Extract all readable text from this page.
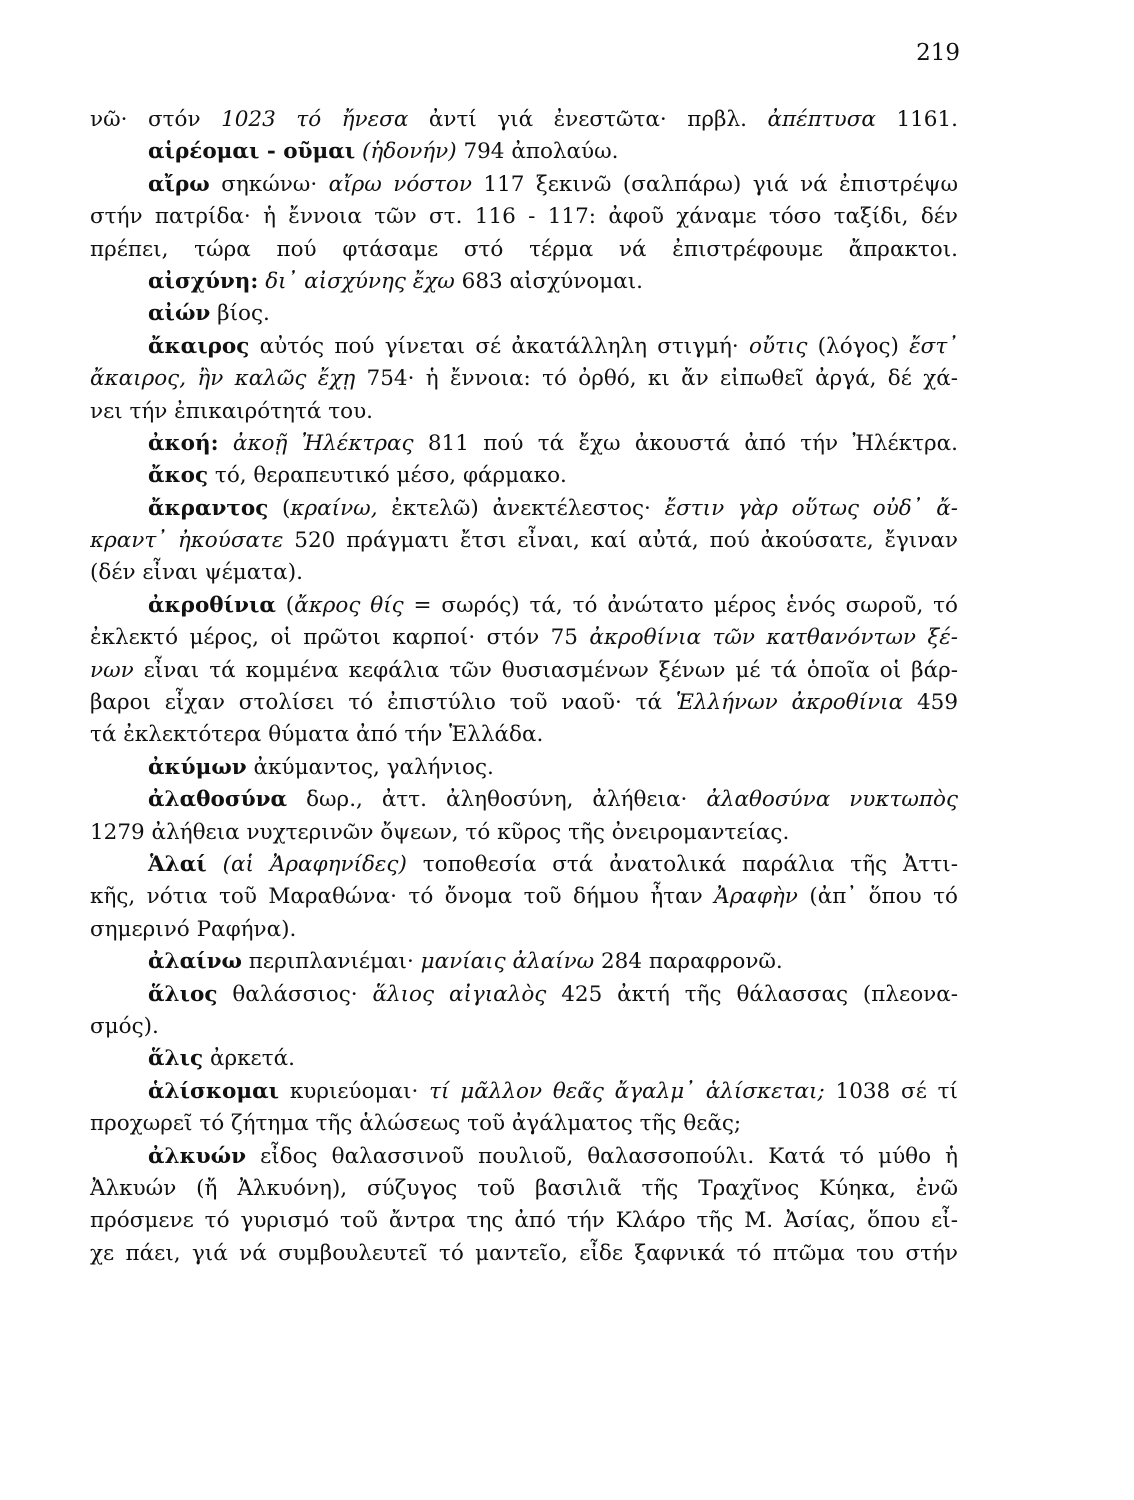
219
νῶ· στόν 1023 τό ἤνεσα ἀντί γιά ἐνεστῶτα· πρβλ. ἀπέπτυσα 1161.
αἱρέομαι - οῦμαι (ἡδονήν) 794 ἀπολαύω.
αἴρω σηκώνω· αἴρω νόστον 117 ξεκινῶ (σαλπάρω) γιά νά ἐπιστρέψω
στήν πατρίδα· ἡ ἔννοια τῶν στ. 116 - 117: ἀφοῦ χάναμε τόσο ταξίδι, δέν
πρέπει, τώρα πού φτάσαμε στό τέρμα νά ἐπιστρέφουμε ἄπρακτοι.
αἰσχύνη: δι᾽ αἰσχύνης ἔχω 683 αἰσχύνομαι.
αἰών βίος.
ἄκαιρος αὐτός πού γίνεται σέ ἀκατάλληλη στιγμή· οὔτις (λόγος) ἔστ᾽
ἄκαιρος, ἢν καλῶς ἔχῃ 754· ἡ ἔννοια: τό ὀρθό, κι ἄν εἰπωθεῖ ἀργά, δέ χά-
νει τήν ἐπικαιρότητά του.
ἀκοή: ἀκοῇ Ἠλέκτρας 811 πού τά ἔχω ἀκουστά ἀπό τήν Ἠλέκτρα.
ἄκος τό, θεραπευτικό μέσο, φάρμακο.
ἄκραντος (κραίνω, ἐκτελῶ) ἀνεκτέλεστος· ἔστιν γὰρ οὕτως οὐδ᾽ ἄ-
κραντ᾽ ἠκούσατε 520 πράγματι ἔτσι εἶναι, καί αὐτά, πού ἀκούσατε, ἔγιναν
(δέν εἶναι ψέματα).
ἀκροθίνια (ἄκρος θίς = σωρός) τά, τό ἀνώτατο μέρος ἑνός σωροῦ, τό
ἐκλεκτό μέρος, οἱ πρῶτοι καρποί· στόν 75 ἀκροθίνια τῶν κατθανόντων ξέ-
νων εἶναι τά κομμένα κεφάλια τῶν θυσιασμένων ξένων μέ τά ὁποῖα οἱ βάρ-
βαροι εἶχαν στολίσει τό ἐπιστύλιο τοῦ ναοῦ· τά Ἑλλήνων ἀκροθίνια 459
τά ἐκλεκτότερα θύματα ἀπό τήν Ἑλλάδα.
ἀκύμων ἀκύμαντος, γαλήνιος.
ἀλαθοσύνα δωρ., ἀττ. ἀληθοσύνη, ἀλήθεια· ἀλαθοσύνα νυκτωπὸς
1279 ἀλήθεια νυχτερινῶν ὄψεων, τό κῦρος τῆς ὀνειρομαντείας.
Ἁλαί (αἱ Ἀραφηνίδες) τοποθεσία στά ἀνατολικά παράλια τῆς Ἀττι-
κῆς, νότια τοῦ Μαραθώνα· τό ὄνομα τοῦ δήμου ἦταν Ἀραφὴν (ἀπ᾽ ὅπου τό
σημερινό Ραφήνα).
ἀλαίνω περιπλανιέμαι· μανίαις ἀλαίνω 284 παραφρονῶ.
ἅλιος θαλάσσιος· ἅλιος αἰγιαλὸς 425 ἀκτή τῆς θάλασσας (πλεονα-
σμός).
ἅλις ἀρκετά.
ἁλίσκομαι κυριεύομαι· τί μᾶλλον θεᾶς ἄγαλμ᾽ ἁλίσκεται; 1038 σέ τί
προχωρεῖ τό ζήτημα τῆς ἁλώσεως τοῦ ἀγάλματος τῆς θεᾶς;
ἀλκυών εἶδος θαλασσινοῦ πουλιοῦ, θαλασσοπούλι. Κατά τό μύθο ἡ
Ἀλκυών (ἤ Ἀλκυόνη), σύζυγος τοῦ βασιλιᾶ τῆς Τραχῖνος Κύηκα, ἐνῶ
πρόσμενε τό γυρισμό τοῦ ἄντρα της ἀπό τήν Κλάρο τῆς Μ. Ἀσίας, ὅπου εἶ-
χε πάει, γιά νά συμβουλευτεῖ τό μαντεῖο, εἶδε ξαφνικά τό πτῶμα του στήν
